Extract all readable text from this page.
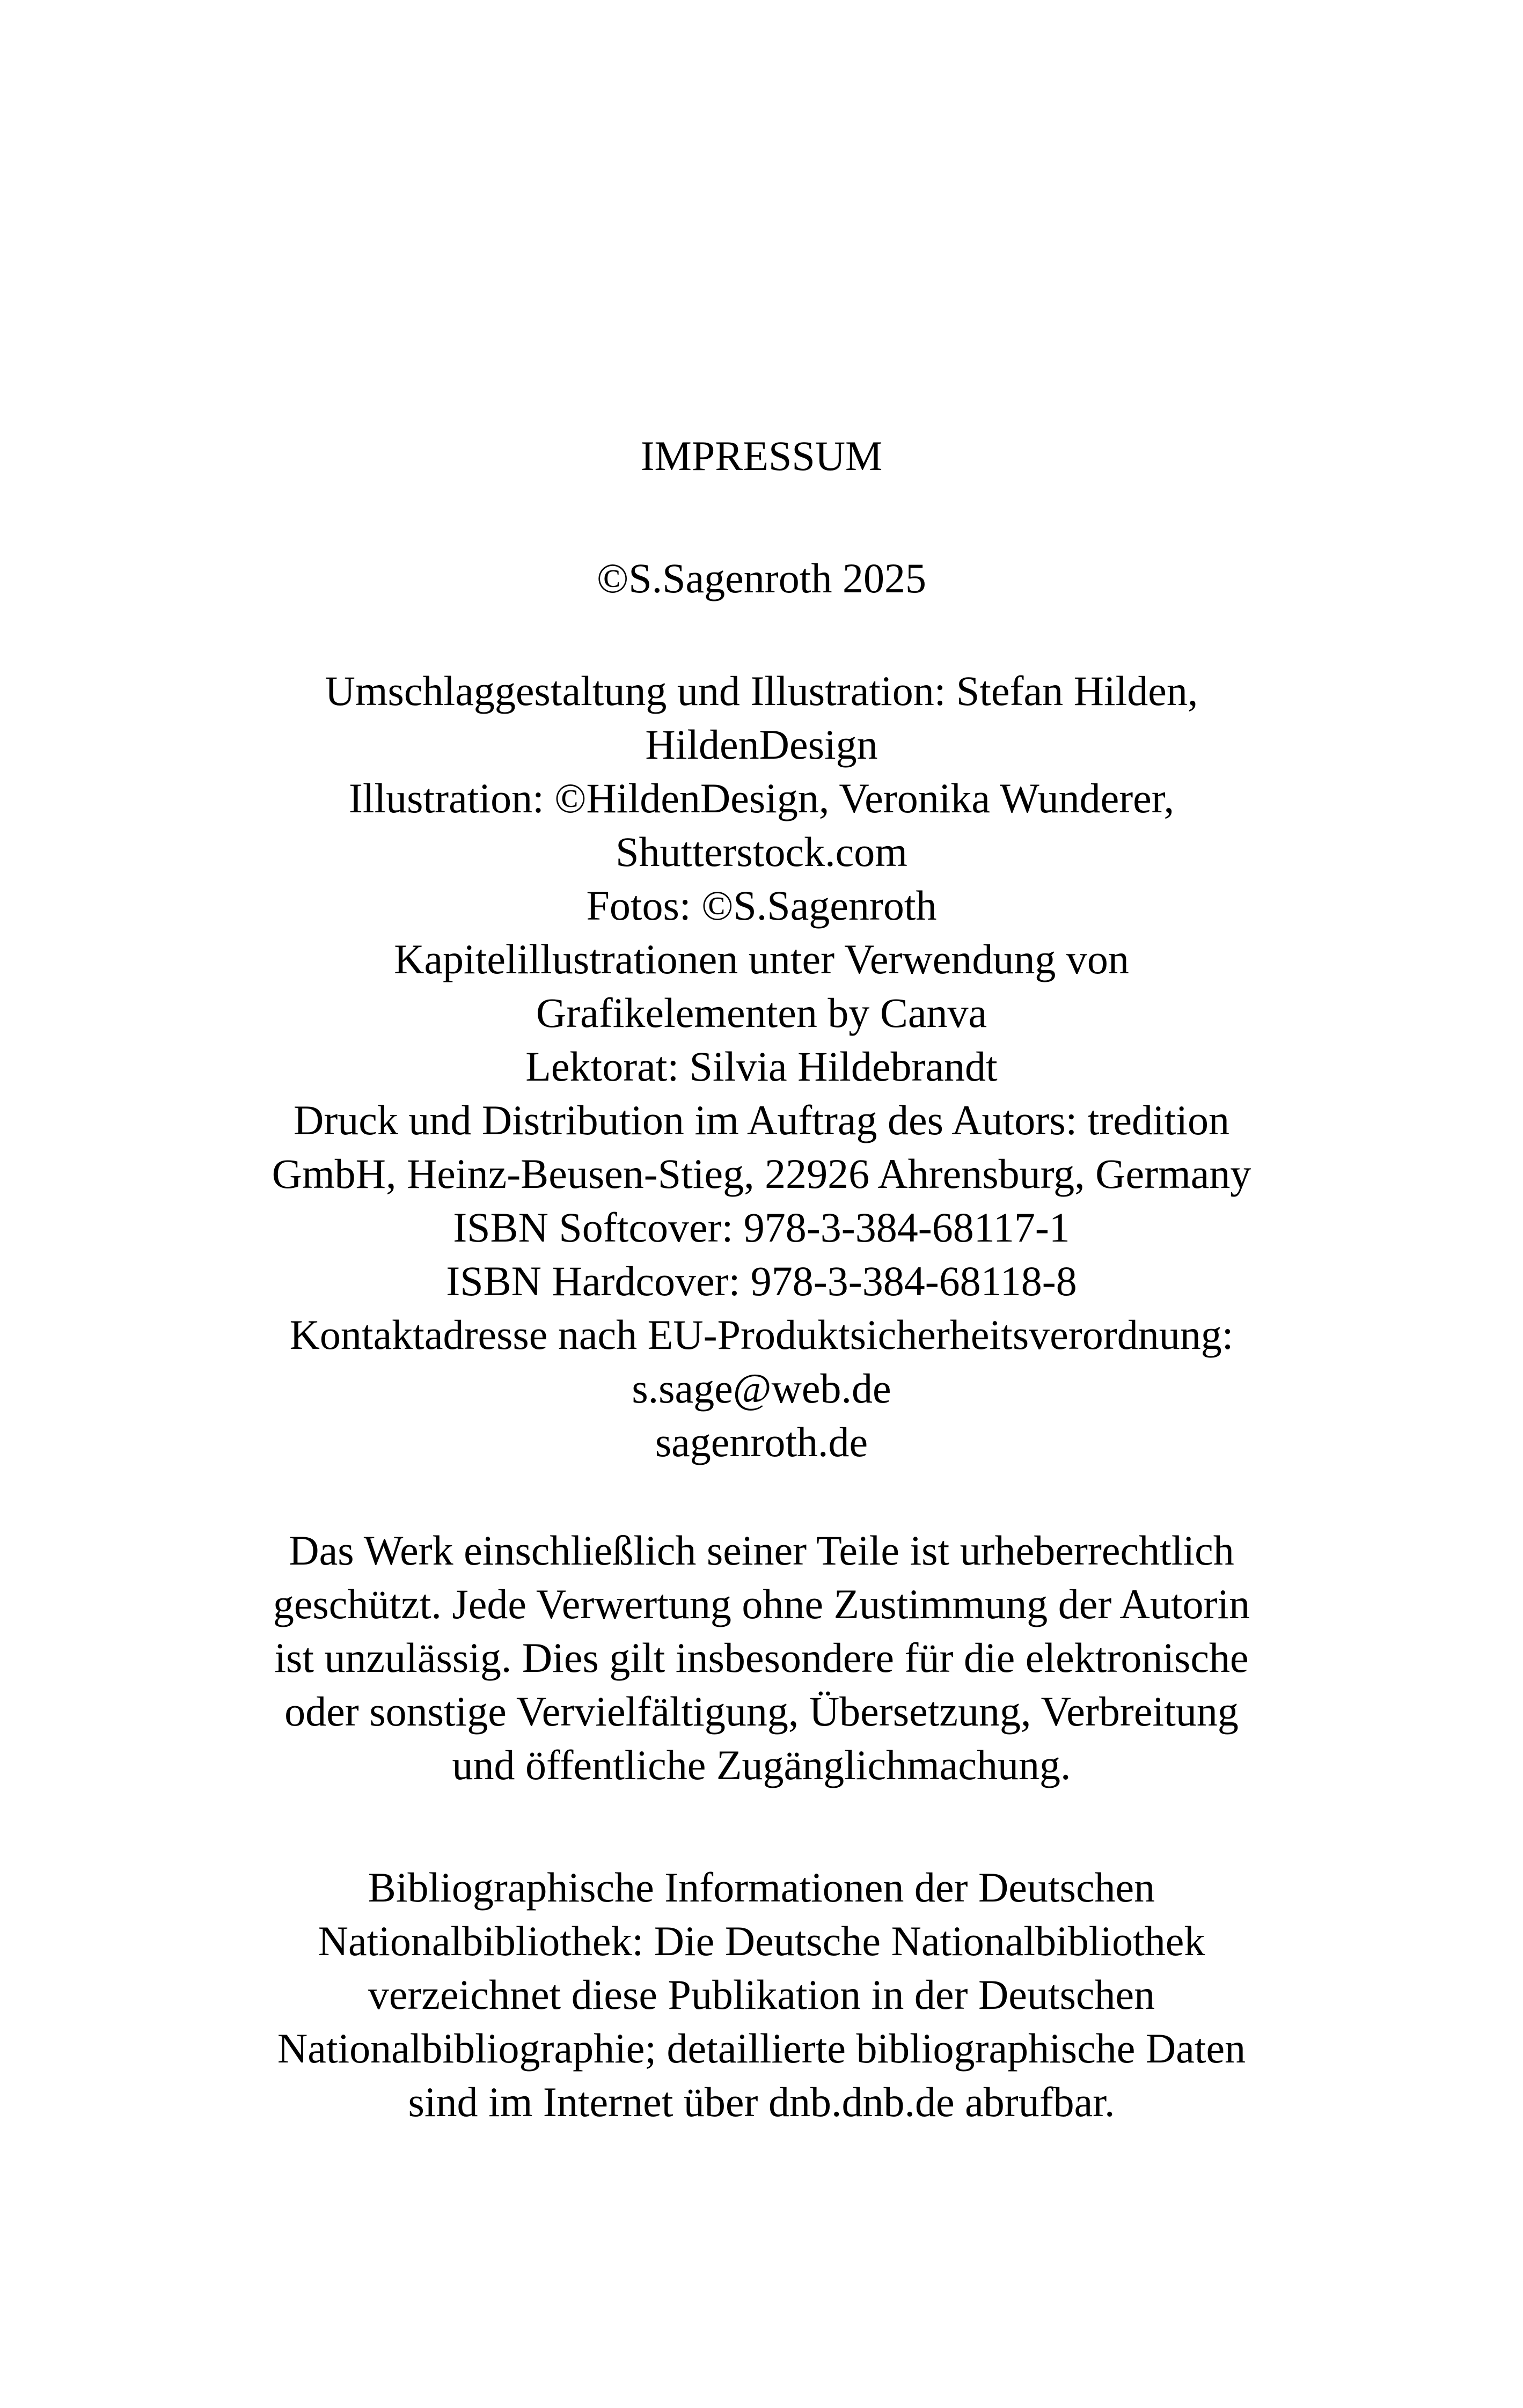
IMPRESSUM
©S.Sagenroth 2025
Umschlaggestaltung und Illustration: Stefan Hilden,
HildenDesign
Illustration: ©HildenDesign, Veronika Wunderer,
Shutterstock.com
Fotos: ©S.Sagenroth
Kapitelillustrationen unter Verwendung von
Grafikelementen by Canva
Lektorat: Silvia Hildebrandt
Druck und Distribution im Auftrag des Autors: tredition
GmbH, Heinz-Beusen-Stieg, 22926 Ahrensburg, Germany
ISBN Softcover: 978-3-384-68117-1
ISBN Hardcover: 978-3-384-68118-8
Kontaktadresse nach EU-Produktsicherheitsverordnung:
s.sage@web.de
sagenroth.de
Das Werk einschließlich seiner Teile ist urheberrechtlich
geschützt. Jede Verwertung ohne Zustimmung der Autorin
ist unzulässig. Dies gilt insbesondere für die elektronische
oder sonstige Vervielfältigung, Übersetzung, Verbreitung
und öffentliche Zugänglichmachung.
Bibliographische Informationen der Deutschen
Nationalbibliothek: Die Deutsche Nationalbibliothek
verzeichnet diese Publikation in der Deutschen
Nationalbibliographie; detaillierte bibliographische Daten
sind im Internet über dnb.dnb.de abrufbar.
